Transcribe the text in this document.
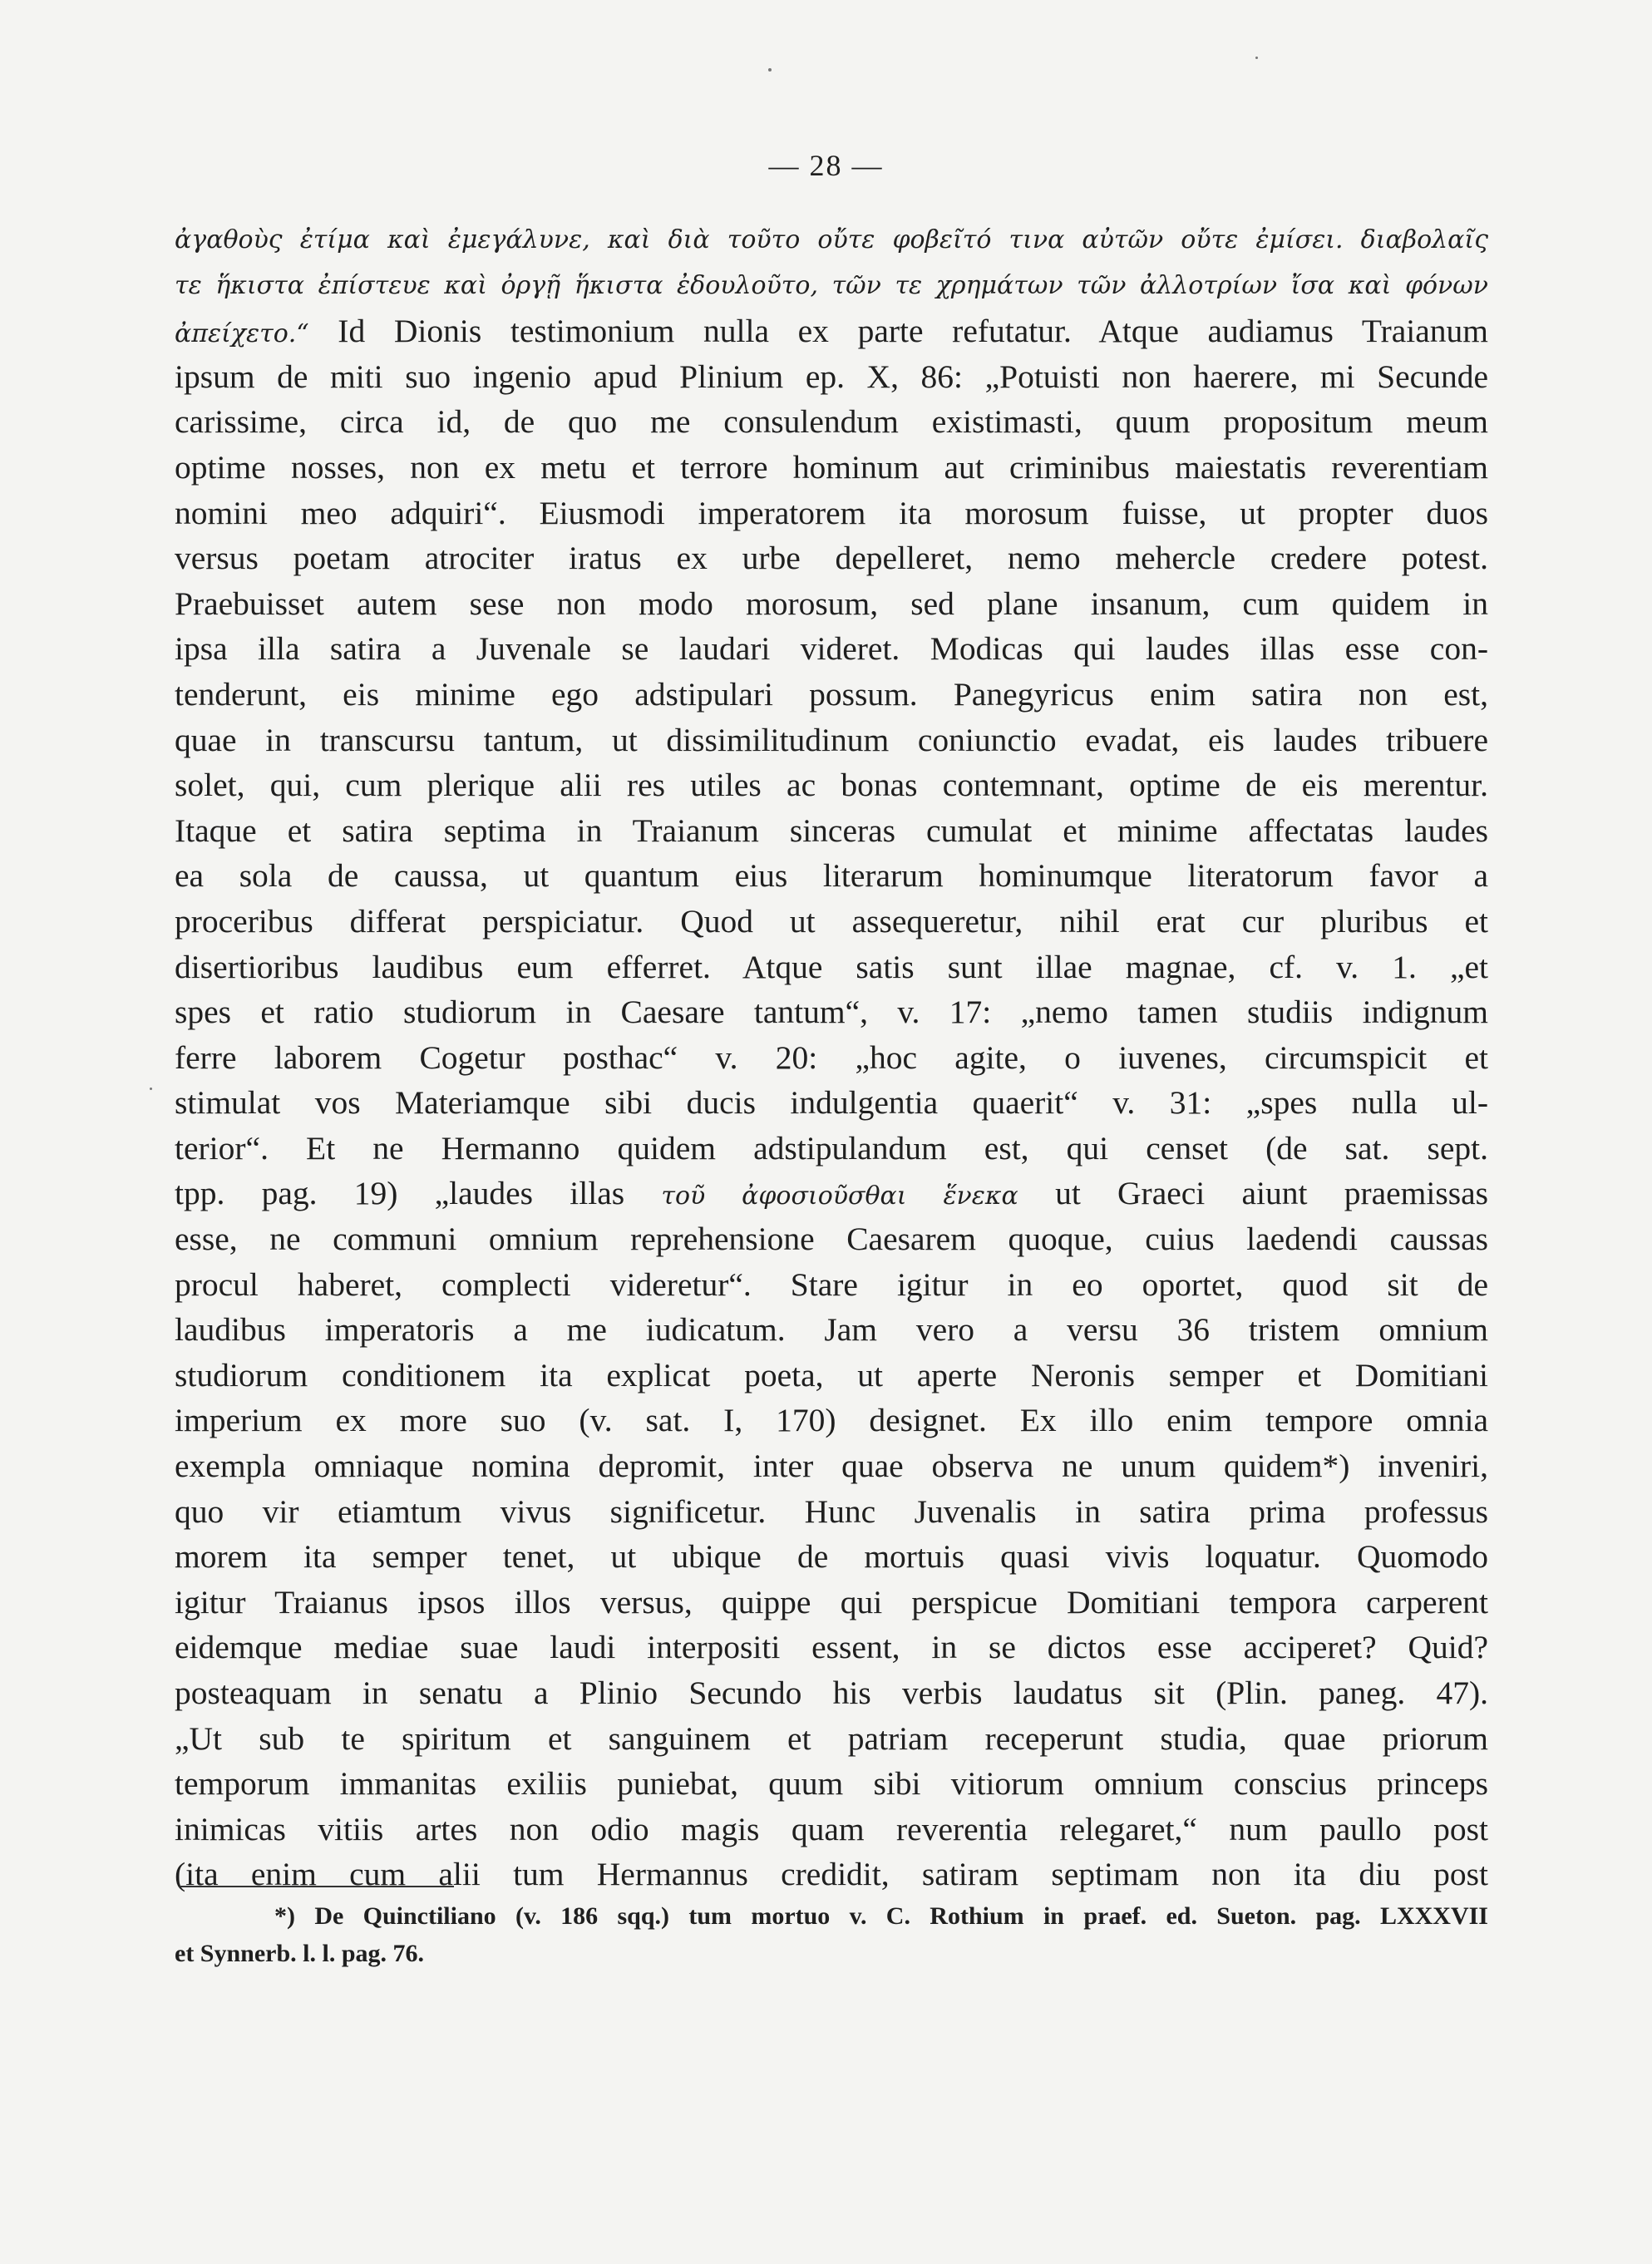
— 28 —
ἀγαθοὺς ἐτίμα καὶ ἐμεγάλυνε, καὶ διὰ τοῦτο οὔτε φοβεῖτό τινα αὐτῶν οὔτε ἐμίσει. διαβολαῖς
τε ἥκιστα ἐπίστευε καὶ ὀργῇ ἥκιστα ἐδουλοῦτο, τῶν τε χρημάτων τῶν ἀλλοτρίων ἴσα καὶ φόνων
ἀπείχετο.“ Id Dionis testimonium nulla ex parte refutatur. Atque audiamus Traianum
ipsum de miti suo ingenio apud Plinium ep. X, 86: „Potuisti non haerere, mi Secunde
carissime, circa id, de quo me consulendum existimasti, quum propositum meum
optime nosses, non ex metu et terrore hominum aut criminibus maiestatis reverentiam
nomini meo adquiri“. Eiusmodi imperatorem ita morosum fuisse, ut propter duos
versus poetam atrociter iratus ex urbe depelleret, nemo mehercle credere potest.
Praebuisset autem sese non modo morosum, sed plane insanum, cum quidem in
ipsa illa satira a Juvenale se laudari videret. Modicas qui laudes illas esse con-
tenderunt, eis minime ego adstipulari possum. Panegyricus enim satira non est,
quae in transcursu tantum, ut dissimilitudinum coniunctio evadat, eis laudes tribuere
solet, qui, cum plerique alii res utiles ac bonas contemnant, optime de eis merentur.
Itaque et satira septima in Traianum sinceras cumulat et minime affectatas laudes
ea sola de caussa, ut quantum eius literarum hominumque literatorum favor a
proceribus differat perspiciatur. Quod ut assequeretur, nihil erat cur pluribus et
disertioribus laudibus eum efferret. Atque satis sunt illae magnae, cf. v. 1. „et
spes et ratio studiorum in Caesare tantum“, v. 17: „nemo tamen studiis indignum
ferre laborem Cogetur posthac“ v. 20: „hoc agite, o iuvenes, circumspicit et
stimulat vos Materiamque sibi ducis indulgentia quaerit“ v. 31: „spes nulla ul-
terior“. Et ne Hermanno quidem adstipulandum est, qui censet (de sat. sept.
tpp. pag. 19) „laudes illas τοῦ ἀφοσιοῦσθαι ἕνεκα ut Graeci aiunt praemissas
esse, ne communi omnium reprehensione Caesarem quoque, cuius laedendi caussas
procul haberet, complecti videretur“. Stare igitur in eo oportet, quod sit de
laudibus imperatoris a me iudicatum. Jam vero a versu 36 tristem omnium
studiorum conditionem ita explicat poeta, ut aperte Neronis semper et Domitiani
imperium ex more suo (v. sat. I, 170) designet. Ex illo enim tempore omnia
exempla omniaque nomina depromit, inter quae observa ne unum quidem*) inveniri,
quo vir etiamtum vivus significetur. Hunc Juvenalis in satira prima professus
morem ita semper tenet, ut ubique de mortuis quasi vivis loquatur. Quomodo
igitur Traianus ipsos illos versus, quippe qui perspicue Domitiani tempora carperent
eidemque mediae suae laudi interpositi essent, in se dictos esse acciperet? Quid?
posteaquam in senatu a Plinio Secundo his verbis laudatus sit (Plin. paneg. 47).
„Ut sub te spiritum et sanguinem et patriam receperunt studia, quae priorum
temporum immanitas exiliis puniebat, quum sibi vitiorum omnium conscius princeps
inimicas vitiis artes non odio magis quam reverentia relegaret,“ num paullo post
(ita enim cum alii tum Hermannus credidit, satiram septimam non ita diu post
*) De Quinctiliano (v. 186 sqq.) tum mortuo v. C. Rothium in praef. ed. Sueton. pag. LXXXVII
et Synnerb. l. l. pag. 76.
